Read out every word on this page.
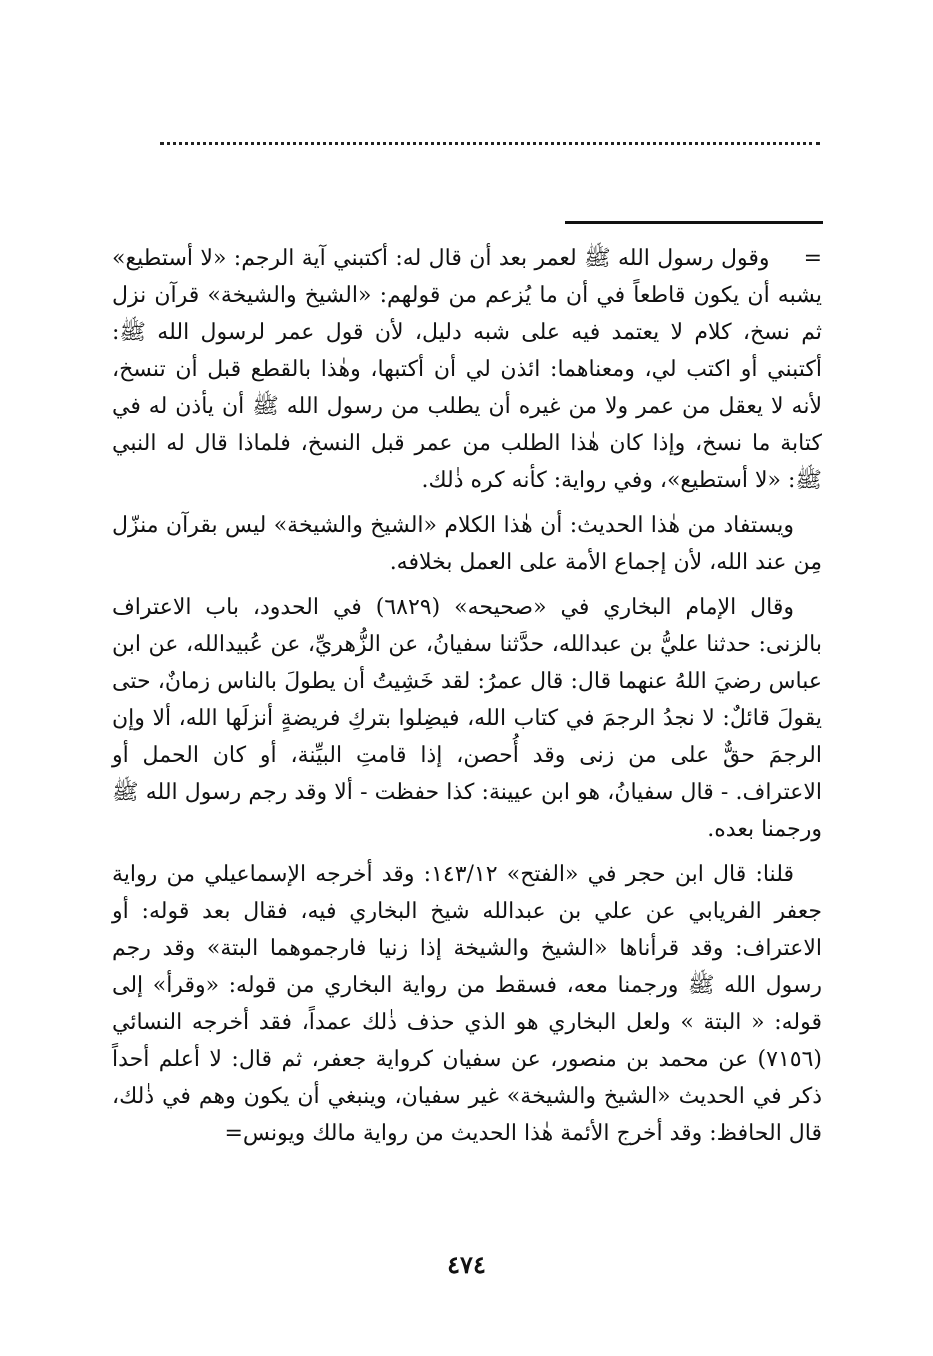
=وقول رسول الله ﷺ لعمر بعد أن قال له: أكتبني آية الرجم: «لا أستطيع» يشبه أن يكون قاطعاً في أن ما يُزعم من قولهم: «الشيخ والشيخة» قرآن نزل ثم نسخ، كلام لا يعتمد فيه على شبه دليل، لأن قول عمر لرسول الله ﷺ: أكتبني أو اكتب لي، ومعناهما: ائذن لي أن أكتبها، وهٰذا بالقطع قبل أن تنسخ، لأنه لا يعقل من عمر ولا من غيره أن يطلب من رسول الله ﷺ أن يأذن له في كتابة ما نسخ، وإذا كان هٰذا الطلب من عمر قبل النسخ، فلماذا قال له النبي ﷺ: «لا أستطيع»، وفي رواية: كأنه كره ذٰلك.

ويستفاد من هٰذا الحديث: أن هٰذا الكلام «الشيخ والشيخة» ليس بقرآن منزّل مِن عند الله، لأن إجماع الأمة على العمل بخلافه.

وقال الإمام البخاري في «صحيحه» (٦٨٢٩) في الحدود، باب الاعتراف بالزنى: حدثنا عليُّ بن عبدالله، حدَّثنا سفيانُ، عن الزُّهريِّ، عن عُبيدالله، عن ابن عباس رضيَ اللهُ عنهما قال: قال عمرُ: لقد خَشِيتُ أن يطولَ بالناس زمانٌ، حتى يقولَ قائلٌ: لا نجدُ الرجمَ في كتاب الله، فيضِلوا بتركِ فريضةٍ أنزلَها الله، ألا وإن الرجمَ حقٌّ على من زنى وقد أُحصن، إذا قامتِ البيِّنة، أو كان الحمل أو الاعتراف. - قال سفيانُ، هو ابن عيينة: كذا حفظت - ألا وقد رجم رسول الله ﷺ ورجمنا بعده.

قلنا: قال ابن حجر في «الفتح» ١٤٣/١٢: وقد أخرجه الإسماعيلي من رواية جعفر الفريابي عن علي بن عبدالله شيخ البخاري فيه، فقال بعد قوله: أو الاعتراف: وقد قرأناها «الشيخ والشيخة إذا زنيا فارجموهما البتة» وقد رجم رسول الله ﷺ ورجمنا معه، فسقط من رواية البخاري من قوله: «وقرأ» إلى قوله: « البتة » ولعل البخاري هو الذي حذف ذٰلك عمداً، فقد أخرجه النسائي (٧١٥٦) عن محمد بن منصور، عن سفيان كرواية جعفر، ثم قال: لا أعلم أحداً ذكر في الحديث «الشيخ والشيخة» غير سفيان، وينبغي أن يكون وهم في ذٰلك، قال الحافظ: وقد أخرج الأئمة هٰذا الحديث من رواية مالك ويونس=

٤٧٤
